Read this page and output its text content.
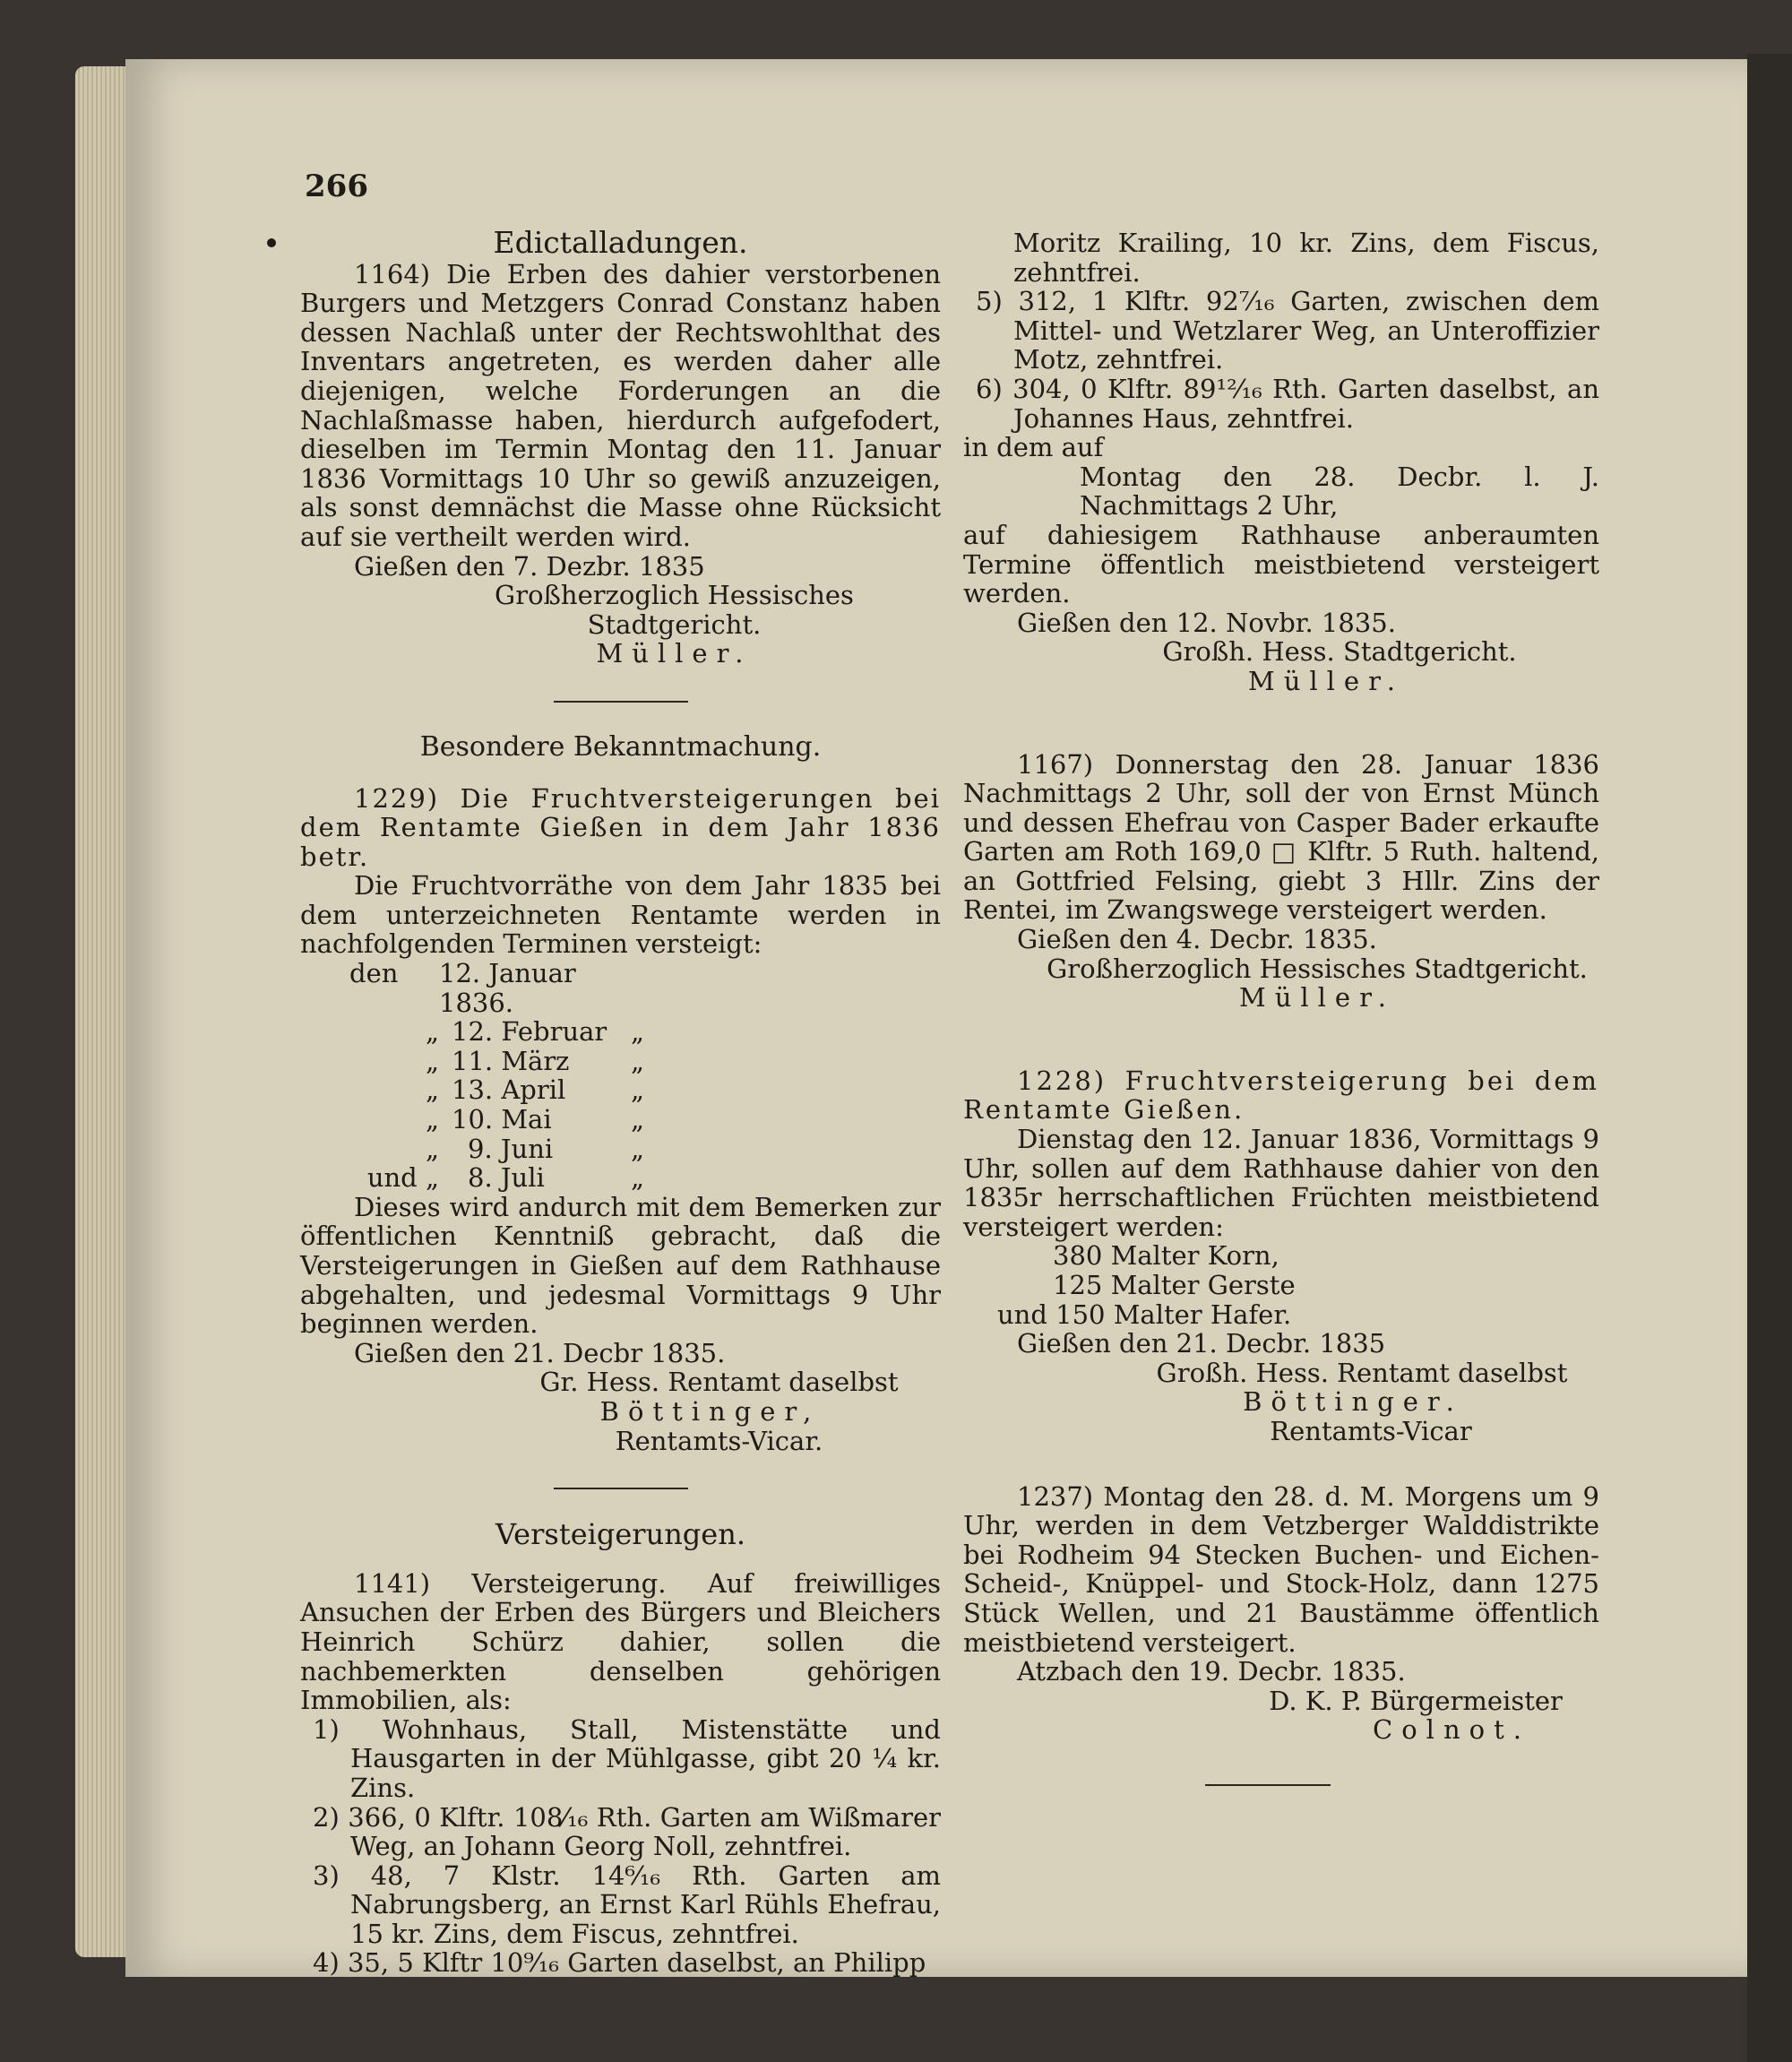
266
Edictalladungen.

1164) Die Erben des dahier verstorbenen Burgers und Metzgers Conrad Constanz haben dessen Nachlaß unter der Rechtswohlthat des Inventars angetreten, es werden daher alle diejenigen, welche Forderungen an die Nachlaßmasse haben, hierdurch aufgefodert, dieselben im Termin Montag den 11. Januar 1836 Vormittags 10 Uhr so gewiß anzuzeigen, als sonst demnächst die Masse ohne Rücksicht auf sie vertheilt werden wird.

Gießen den 7. Dezbr. 1835

Großherzoglich Hessisches Stadtgericht.

Müller.

Besondere Bekanntmachung.

1229) Die Fruchtversteigerungen bei dem Rentamte Gießen in dem Jahr 1836 betr.

Die Fruchtvorräthe von dem Jahr 1835 bei dem unterzeichneten Rentamte werden in nachfolgenden Terminen versteigt:

den	12. Januar 1836.
„ 12. Februar „
„ 11. März	„
„ 13. April	„
„ 10. Mai	„
„	9. Juni	„
und „	8. Juli	„

Dieses wird andurch mit dem Bemerken zur öffentlichen Kenntniß gebracht, daß die Versteigerungen in Gießen auf dem Rathhause abgehalten, und jedesmal Vormittags 9 Uhr beginnen werden.

Gießen den 21. Decbr 1835.

Gr. Hess. Rentamt daselbst

Böttinger,

Rentamts-Vicar.

Versteigerungen.

1141) Versteigerung. Auf freiwilliges Ansuchen der Erben des Bürgers und Bleichers Heinrich Schürz dahier, sollen die nachbemerkten denselben gehörigen Immobilien, als:

1) Wohnhaus, Stall, Mistenstätte und Hausgarten in der Mühlgasse, gibt 20 ¼ kr. Zins.

2) 366, 0 Klftr. 108⁄₁₆ Rth. Garten am Wißmarer Weg, an Johann Georg Noll, zehntfrei.

3) 48, 7 Klstr. 14⁶⁄₁₆ Rth. Garten am Nabrungsberg, an Ernst Karl Rühls Ehefrau, 15 kr. Zins, dem Fiscus, zehntfrei.

4) 35, 5 Klftr 10⁹⁄₁₆ Garten daselbst, an Philipp

Moritz Krailing, 10 kr. Zins, dem Fiscus, zehntfrei.

5) 312, 1 Klftr. 92⁷⁄₁₆ Garten, zwischen dem Mittel- und Wetzlarer Weg, an Unteroffizier Motz, zehntfrei.

6) 304, 0 Klftr. 89¹²⁄₁₆ Rth. Garten daselbst, an Johannes Haus, zehntfrei.

in dem auf

Montag den 28. Decbr. l. J. Nachmittags 2 Uhr,

auf dahiesigem Rathhause anberaumten Termine öffentlich meistbietend versteigert werden.

Gießen den 12. Novbr. 1835.

Großh. Hess. Stadtgericht.

Müller.

1167) Donnerstag den 28. Januar 1836 Nachmittags 2 Uhr, soll der von Ernst Münch und dessen Ehefrau von Casper Bader erkaufte Garten am Roth 169,0 □ Klftr. 5 Ruth. haltend, an Gottfried Felsing, giebt 3 Hllr. Zins der Rentei, im Zwangswege versteigert werden.

Gießen den 4. Decbr. 1835.

Großherzoglich Hessisches Stadtgericht.

Müller.

1228) Fruchtversteigerung bei dem Rentamte Gießen.

Dienstag den 12. Januar 1836, Vormittags 9 Uhr, sollen auf dem Rathhause dahier von den 1835r herrschaftlichen Früchten meistbietend versteigert werden:

380 Malter Korn,

125 Malter Gerste

und 150 Malter Hafer.

Gießen den 21. Decbr. 1835

Großh. Hess. Rentamt daselbst

Böttinger.

Rentamts-Vicar

1237) Montag den 28. d. M. Morgens um 9 Uhr, werden in dem Vetzberger Walddistrikte bei Rodheim 94 Stecken Buchen- und Eichen-Scheid-, Knüppel- und Stock-Holz, dann 1275 Stück Wellen, und 21 Baustämme öffentlich meistbietend versteigert.

Atzbach den 19. Decbr. 1835.

D. K. P. Bürgermeister

Colnot.
